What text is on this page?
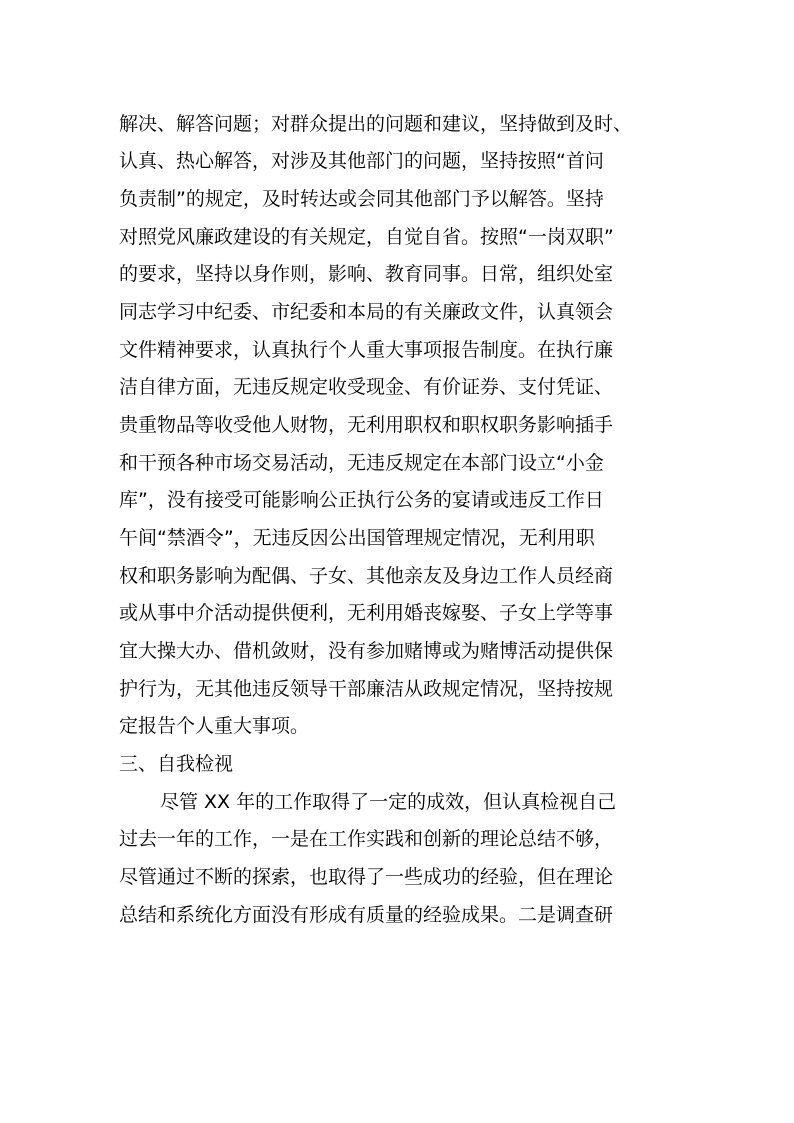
解决、解答问题；对群众提出的问题和建议，坚持做到及时、
认真、热心解答，对涉及其他部门的问题，坚持按照“首问
负责制”的规定，及时转达或会同其他部门予以解答。坚持
对照党风廉政建设的有关规定，自觉自省。按照“一岗双职”
的要求，坚持以身作则，影响、教育同事。日常，组织处室
同志学习中纪委、市纪委和本局的有关廉政文件，认真领会
文件精神要求，认真执行个人重大事项报告制度。在执行廉
洁自律方面，无违反规定收受现金、有价证券、支付凭证、
贵重物品等收受他人财物，无利用职权和职权职务影响插手
和干预各种市场交易活动，无违反规定在本部门设立“小金
库”，没有接受可能影响公正执行公务的宴请或违反工作日
午间“禁酒令”，无违反因公出国管理规定情况，无利用职
权和职务影响为配偶、子女、其他亲友及身边工作人员经商
或从事中介活动提供便利，无利用婚丧嫁娶、子女上学等事
宜大操大办、借机敛财，没有参加赌博或为赌博活动提供保
护行为，无其他违反领导干部廉洁从政规定情况，坚持按规
定报告个人重大事项。
三、自我检视
尽管 XX 年的工作取得了一定的成效，但认真检视自己
过去一年的工作，一是在工作实践和创新的理论总结不够，
尽管通过不断的探索，也取得了一些成功的经验，但在理论
总结和系统化方面没有形成有质量的经验成果。二是调查研
